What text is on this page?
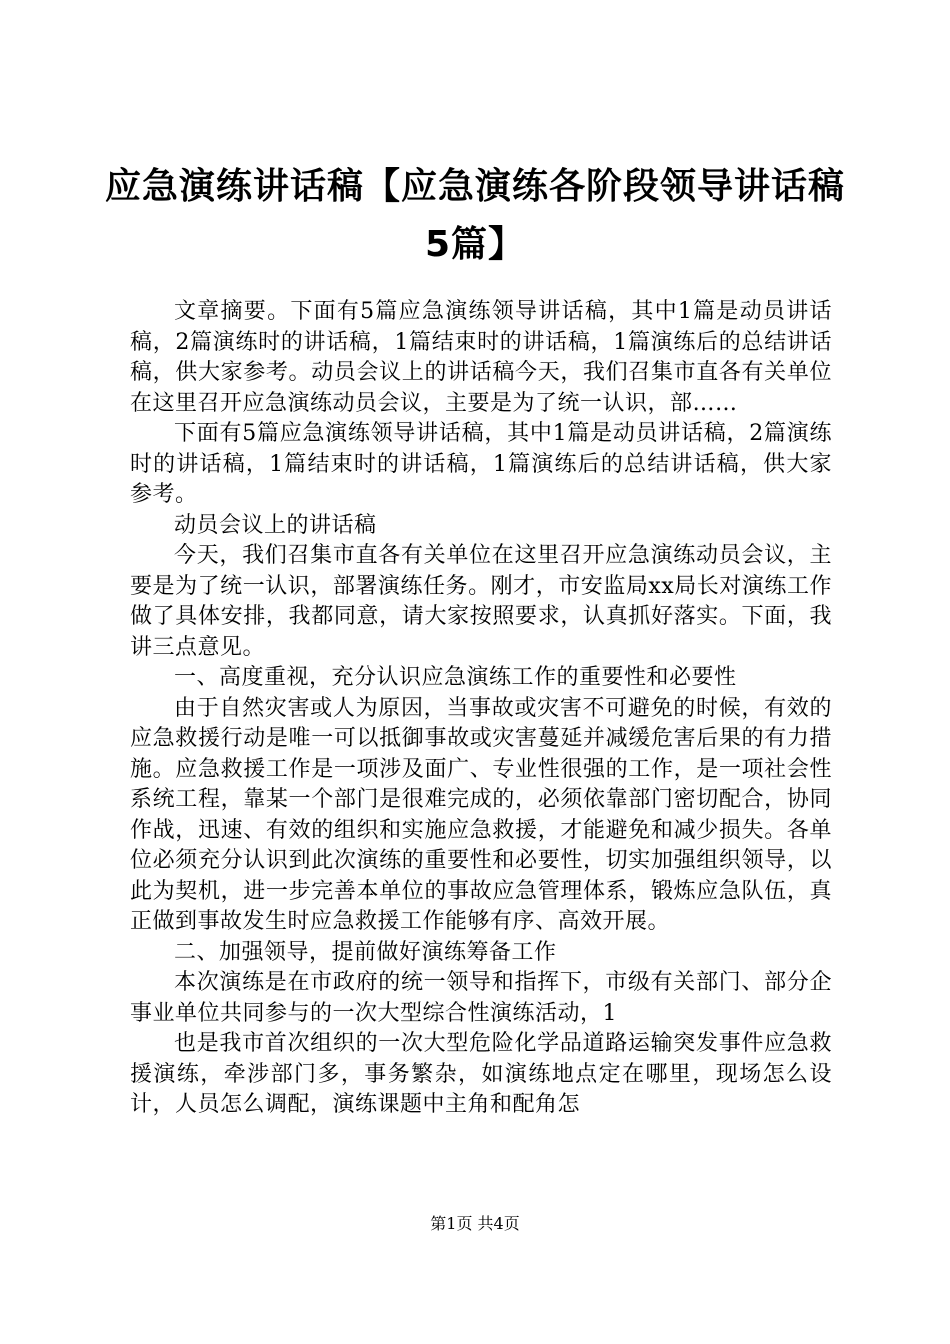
应急演练讲话稿【应急演练各阶段领导讲话稿
5篇】

文章摘要。下面有5篇应急演练领导讲话稿，其中1篇是动员讲话稿，2篇演练时的讲话稿，1篇结束时的讲话稿，1篇演练后的总结讲话稿，供大家参考。动员会议上的讲话稿今天，我们召集市直各有关单位在这里召开应急演练动员会议，主要是为了统一认识，部……

下面有5篇应急演练领导讲话稿，其中1篇是动员讲话稿，2篇演练时的讲话稿，1篇结束时的讲话稿，1篇演练后的总结讲话稿，供大家参考。

动员会议上的讲话稿

今天，我们召集市直各有关单位在这里召开应急演练动员会议，主要是为了统一认识，部署演练任务。刚才，市安监局xx局长对演练工作做了具体安排，我都同意，请大家按照要求，认真抓好落实。下面，我讲三点意见。

一、高度重视，充分认识应急演练工作的重要性和必要性

由于自然灾害或人为原因，当事故或灾害不可避免的时候，有效的应急救援行动是唯一可以抵御事故或灾害蔓延并减缓危害后果的有力措施。应急救援工作是一项涉及面广、专业性很强的工作，是一项社会性系统工程，靠某一个部门是很难完成的，必须依靠部门密切配合，协同作战，迅速、有效的组织和实施应急救援，才能避免和减少损失。各单位必须充分认识到此次演练的重要性和必要性，切实加强组织领导，以此为契机，进一步完善本单位的事故应急管理体系，锻炼应急队伍，真正做到事故发生时应急救援工作能够有序、高效开展。

二、加强领导，提前做好演练筹备工作

本次演练是在市政府的统一领导和指挥下，市级有关部门、部分企事业单位共同参与的一次大型综合性演练活动，1

也是我市首次组织的一次大型危险化学品道路运输突发事件应急救援演练，牵涉部门多，事务繁杂，如演练地点定在哪里，现场怎么设计，人员怎么调配，演练课题中主角和配角怎

第1页 共4页
